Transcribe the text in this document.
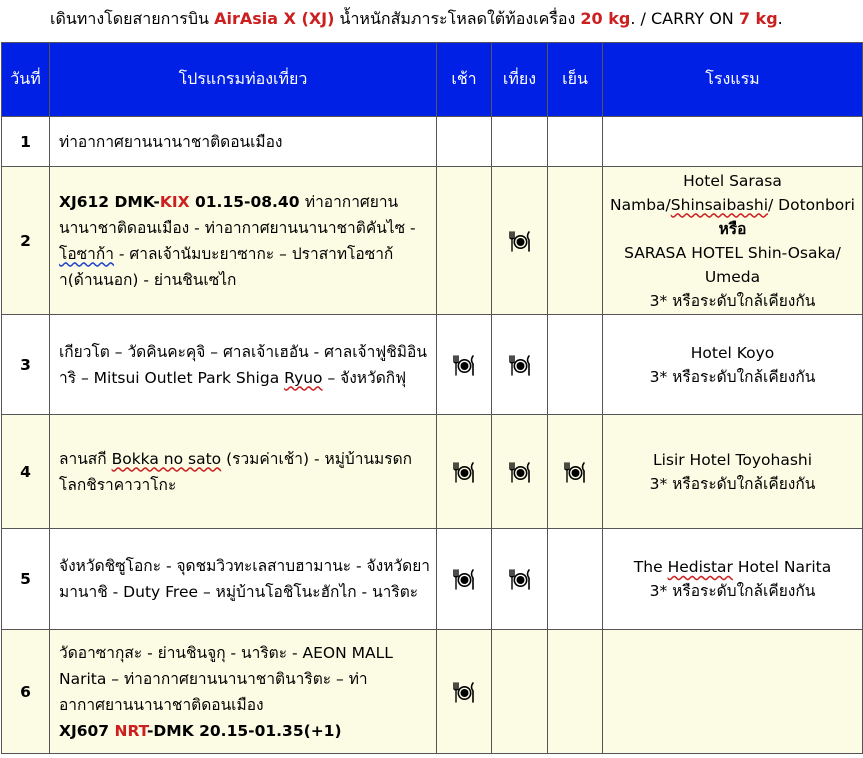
เดินทางโดยสายการบิน AirAsia X (XJ) น้ำหนักสัมภาระโหลดใต้ท้องเครื่อง 20 kg. / CARRY ON 7 kg.
วันที่	โปรแกรมท่องเที่ยว	เช้า	เที่ยง	เย็น	โรงแรม
1	ท่าอากาศยานนานาชาติดอนเมือง				
2	XJ612 DMK-KIX 01.15-08.40 ท่าอากาศยานนานาชาติดอนเมือง - ท่าอากาศยานนานาชาติคันไซ - โอซาก้า - ศาลเจ้านัมบะยาซากะ – ปราสาทโอซาก้า(ด้านนอก) - ย่านชินเซไก				Hotel Sarasa
Namba/Shinsaibashi/ Dotonbori
หรือ
SARASA HOTEL Shin-Osaka/ Umeda
3* หรือระดับใกล้เคียงกัน

3	เกียวโต – วัดคินคะคุจิ – ศาลเจ้าเฮอัน - ศาลเจ้าฟูชิมิอินาริ – Mitsui Outlet Park Shiga Ryuo – จังหวัดกิฟุ				Hotel Koyo
3* หรือระดับใกล้เคียงกัน

4	ลานสกี Bokka no sato (รวมค่าเช้า) - หมู่บ้านมรดกโลกชิราคาวาโกะ				Lisir Hotel Toyohashi
3* หรือระดับใกล้เคียงกัน

5	จังหวัดชิซูโอกะ - จุดชมวิวทะเลสาบฮามานะ - จังหวัดยามานาชิ - Duty Free – หมู่บ้านโอชิโนะฮักไก - นาริตะ				The Hedistar Hotel Narita
3* หรือระดับใกล้เคียงกัน

6	วัดอาซากุสะ - ย่านชินจูกุ - นาริตะ - AEON MALL Narita – ท่าอากาศยานนานาชาตินาริตะ – ท่าอากาศยานนานาชาติดอนเมือง
XJ607 NRT-DMK 20.15-01.35(+1)				
